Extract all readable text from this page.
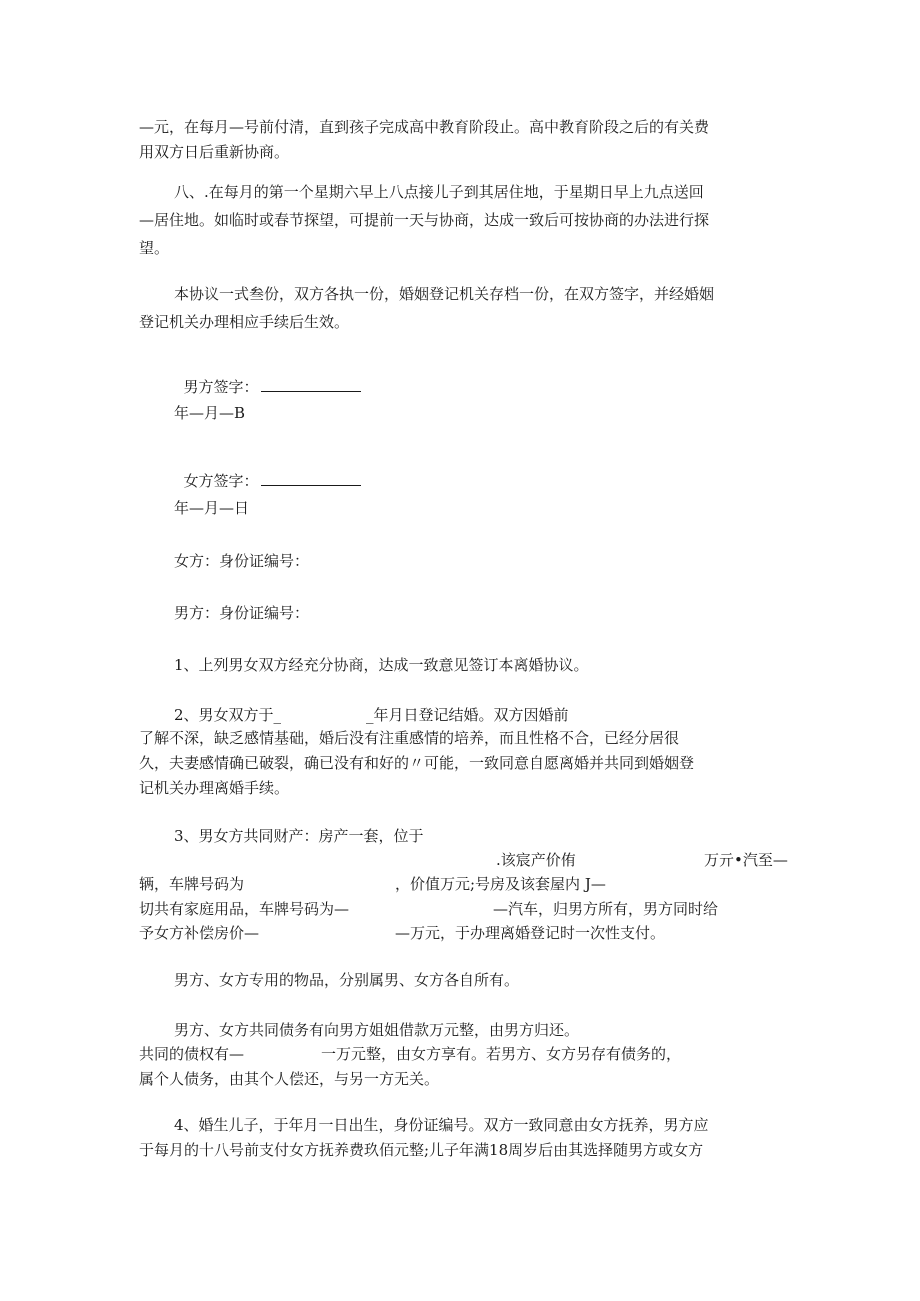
—元，在每月—号前付清，直到孩子完成高中教育阶段止。高中教育阶段之后的有关费
用双方日后重新协商。
八、.在每月的第一个星期六早上八点接儿子到其居住地，于星期日早上九点送回
—居住地。如临时或春节探望，可提前一天与协商，达成一致后可按协商的办法进行探
望。
本协议一式叁份，双方各执一份，婚姻登记机关存档一份，在双方签字，并经婚姻
登记机关办理相应手续后生效。

男方签字：

年—月—B

女方签字：

年—月—日
女方：身份证编号：
男方：身份证编号：
1、上列男女双方经充分协商，达成一致意见签订本离婚协议。
2、男女双方于_	_年月日登记结婚。双方因婚前
了解不深，缺乏感情基础，婚后没有注重感情的培养，而且性格不合，已经分居很
久，夫妻感情确已破裂，确已没有和好的〃可能，一致同意自愿离婚并共同到婚姻登
记机关办理离婚手续。
3、男女方共同财产：房产一套，位于
.该宸产价侑	万亓•汽至—
辆，车牌号码为	，价值万元;号房及该套屋内 J—
切共有家庭用品，车牌号码为—	—汽车，归男方所有，男方同时给
予女方补偿房价—	—万元，于办理离婚登记时一次性支付。
男方、女方专用的物品，分别属男、女方各自所有。
男方、女方共同债务有向男方姐姐借款万元整，由男方归还。
共同的债权有—	一万元整，由女方享有。若男方、女方另存有债务的，
属个人债务，由其个人偿还，与另一方无关。
4、婚生儿子，于年月一日出生，身份证编号。双方一致同意由女方抚养，男方应
于每月的十八号前支付女方抚养费玖佰元整;儿子年满18周岁后由其选择随男方或女方
